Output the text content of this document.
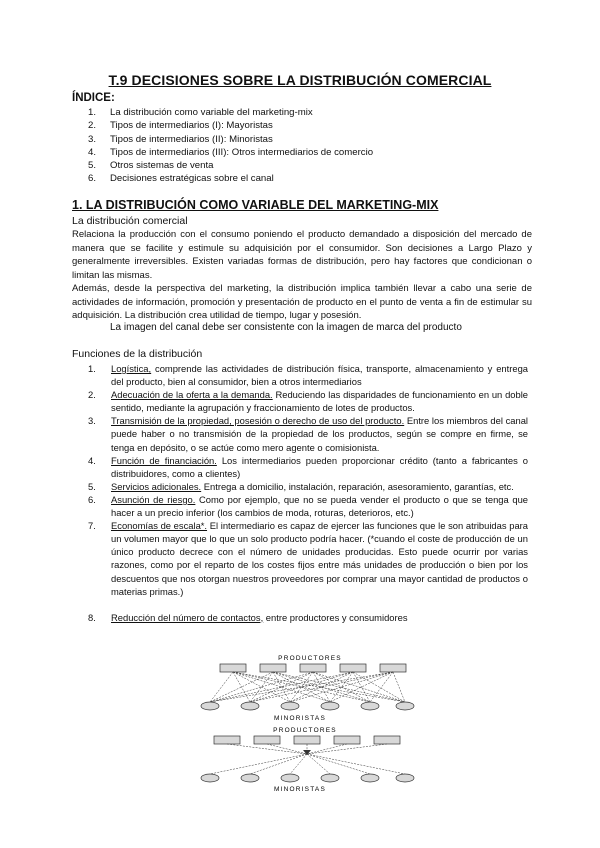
T.9 DECISIONES SOBRE LA DISTRIBUCIÓN COMERCIAL
ÍNDICE:
1. La distribución como variable del marketing-mix
2. Tipos de intermediarios (I): Mayoristas
3. Tipos de intermediarios (II): Minoristas
4. Tipos de intermediarios (III): Otros intermediarios de comercio
5. Otros sistemas de venta
6. Decisiones estratégicas sobre el canal
1. LA DISTRIBUCIÓN COMO VARIABLE DEL MARKETING-MIX
La distribución comercial
Relaciona la producción con el consumo poniendo el producto demandado a disposición del mercado de manera que se facilite y estimule su adquisición por el consumidor. Son decisiones a Largo Plazo y generalmente irreversibles. Existen variadas formas de distribución, pero hay factores que condicionan o limitan las mismas.
Además, desde la perspectiva del marketing, la distribución implica también llevar a cabo una serie de actividades de información, promoción y presentación de producto en el punto de venta a fin de estimular su adquisición. La distribución crea utilidad de tiempo, lugar y posesión.
La imagen del canal debe ser consistente con la imagen de marca del producto
Funciones de la distribución
1. Logística, comprende las actividades de distribución física, transporte, almacenamiento y entrega del producto, bien al consumidor, bien a otros intermediarios
2. Adecuación de la oferta a la demanda. Reduciendo las disparidades de funcionamiento en un doble sentido, mediante la agrupación y fraccionamiento de lotes de productos.
3. Transmisión de la propiedad, posesión o derecho de uso del producto. Entre los miembros del canal puede haber o no transmisión de la propiedad de los productos, según se compre en firme, se tenga en depósito, o se actúe como mero agente o comisionista.
4. Función de financiación. Los intermediarios pueden proporcionar crédito (tanto a fabricantes o distribuidores, como a clientes)
5. Servicios adicionales. Entrega a domicilio, instalación, reparación, asesoramiento, garantías, etc.
6. Asunción de riesgo. Como por ejemplo, que no se pueda vender el producto o que se tenga que hacer a un precio inferior (los cambios de moda, roturas, deterioros, etc.)
7. Economías de escala*. El intermediario es capaz de ejercer las funciones que le son atribuidas para un volumen mayor que lo que un solo producto podría hacer. (*cuando el coste de producción de un único producto decrece con el número de unidades producidas. Esto puede ocurrir por varias razones, como por el reparto de los costes fijos entre más unidades de producción o bien por los descuentos que nos otorgan nuestros proveedores por comprar una mayor cantidad de productos o materias primas.)
8. Reducción del número de contactos, entre productores y consumidores
PRODUCTORES
MINORISTAS
PRODUCTORES
MINORISTAS
